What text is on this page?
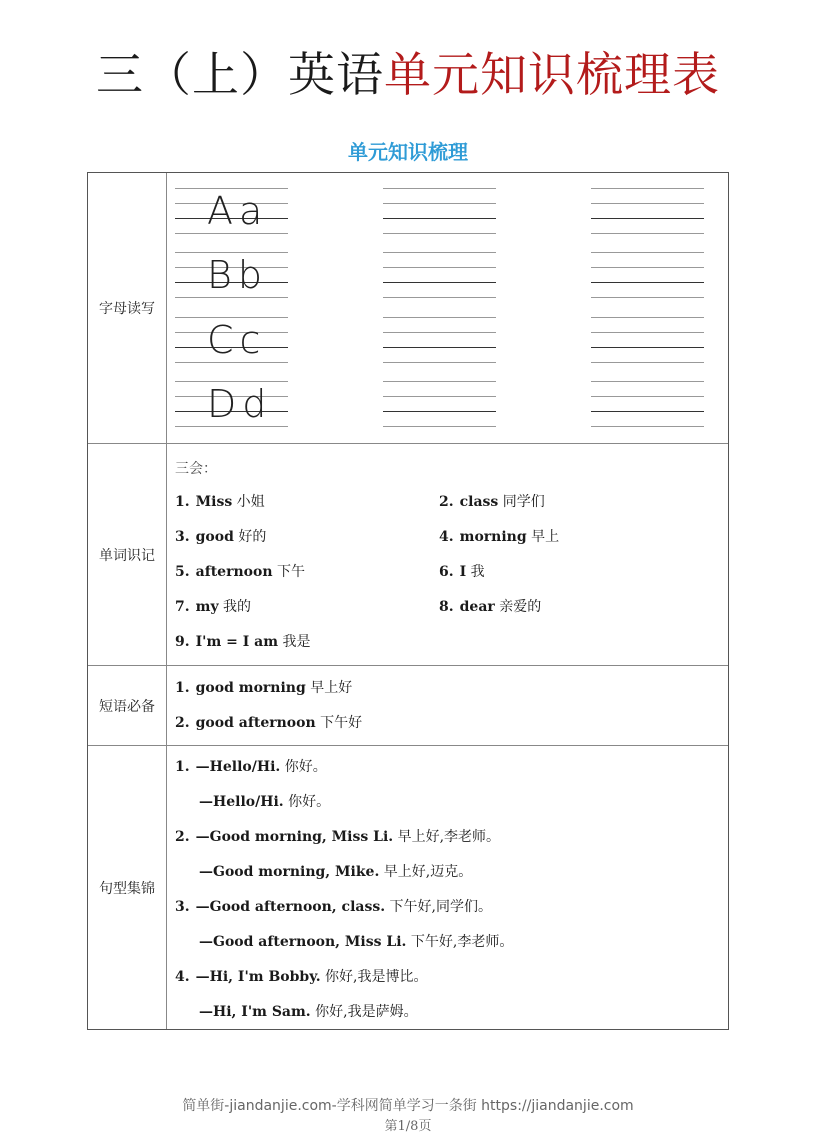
三（上）英语单元知识梳理表
单元知识梳理
字母读写
Aa
Bb
Cc
Dd
单词识记
三会：
1. Miss 小姐	2. class 同学们
3. good 好的	4. morning 早上
5. afternoon 下午	6. I 我
7. my 我的	8. dear 亲爱的
9. I'm = I am 我是
短语必备
1. good morning 早上好
2. good afternoon 下午好
句型集锦
1. —Hello/Hi. 你好。
—Hello/Hi. 你好。
2. —Good morning, Miss Li. 早上好,李老师。
—Good morning, Mike. 早上好,迈克。
3. —Good afternoon, class. 下午好,同学们。
—Good afternoon, Miss Li. 下午好,李老师。
4. —Hi, I'm Bobby. 你好,我是博比。
—Hi, I'm Sam. 你好,我是萨姆。
简单街-jiandanjie.com-学科网简单学习一条街 https://jiandanjie.com
第1/8页
